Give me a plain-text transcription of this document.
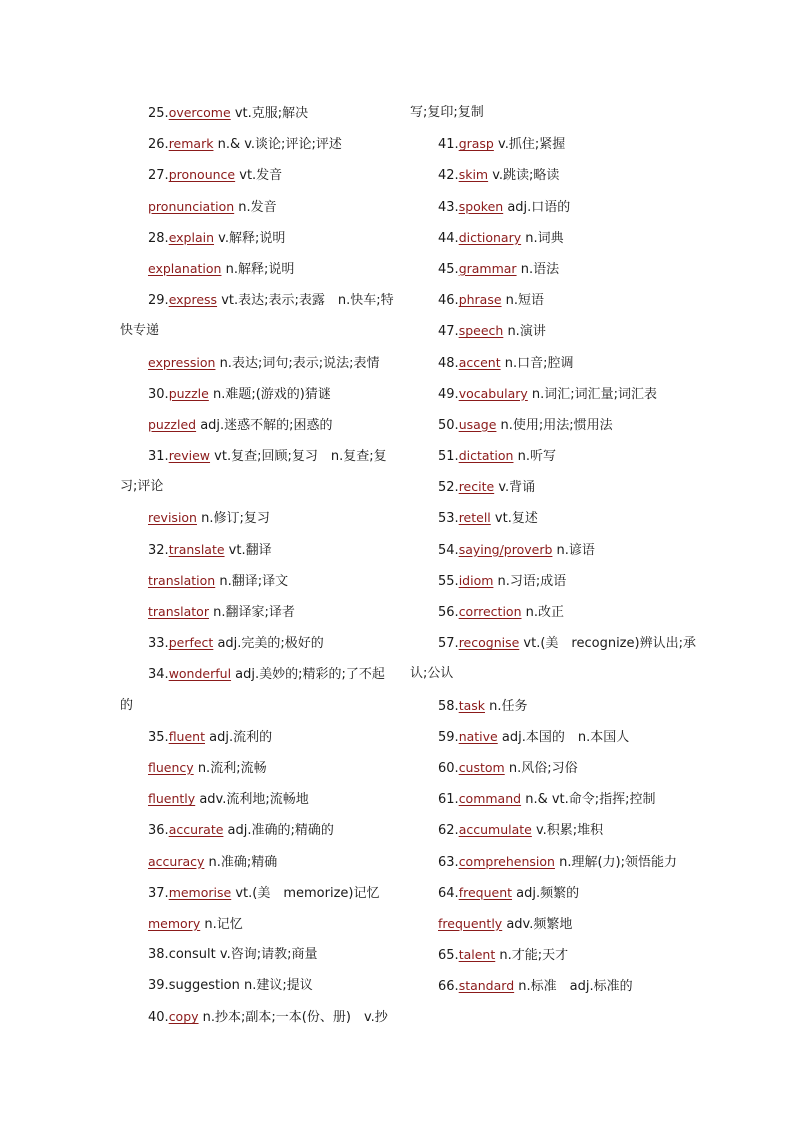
25.overcome vt.克服;解决
26.remark n.& v.谈论;评论;评述
27.pronounce vt.发音
pronunciation n.发音
28.explain v.解释;说明
explanation n.解释;说明
29.express vt.表达;表示;表露　n.快车;特
快专递
expression n.表达;词句;表示;说法;表情
30.puzzle n.难题;(游戏的)猜谜
puzzled adj.迷惑不解的;困惑的
31.review vt.复查;回顾;复习　n.复查;复
习;评论
revision n.修订;复习
32.translate vt.翻译
translation n.翻译;译文
translator n.翻译家;译者
33.perfect adj.完美的;极好的
34.wonderful adj.美妙的;精彩的;了不起
的
35.fluent adj.流利的
fluency n.流利;流畅
fluently adv.流利地;流畅地
36.accurate adj.准确的;精确的
accuracy n.准确;精确
37.memorise vt.(美　memorize)记忆
memory n.记忆
38.consult v.咨询;请教;商量
39.suggestion n.建议;提议
40.copy n.抄本;副本;一本(份、册)　v.抄
写;复印;复制
41.grasp v.抓住;紧握
42.skim v.跳读;略读
43.spoken adj.口语的
44.dictionary n.词典
45.grammar n.语法
46.phrase n.短语
47.speech n.演讲
48.accent n.口音;腔调
49.vocabulary n.词汇;词汇量;词汇表
50.usage n.使用;用法;惯用法
51.dictation n.听写
52.recite v.背诵
53.retell vt.复述
54.saying/proverb n.谚语
55.idiom n.习语;成语
56.correction n.改正
57.recognise vt.(美　recognize)辨认出;承
认;公认
58.task n.任务
59.native adj.本国的　n.本国人
60.custom n.风俗;习俗
61.command n.& vt.命令;指挥;控制
62.accumulate v.积累;堆积
63.comprehension n.理解(力);领悟能力
64.frequent adj.频繁的
frequently adv.频繁地
65.talent n.才能;天才
66.standard n.标准　adj.标准的
